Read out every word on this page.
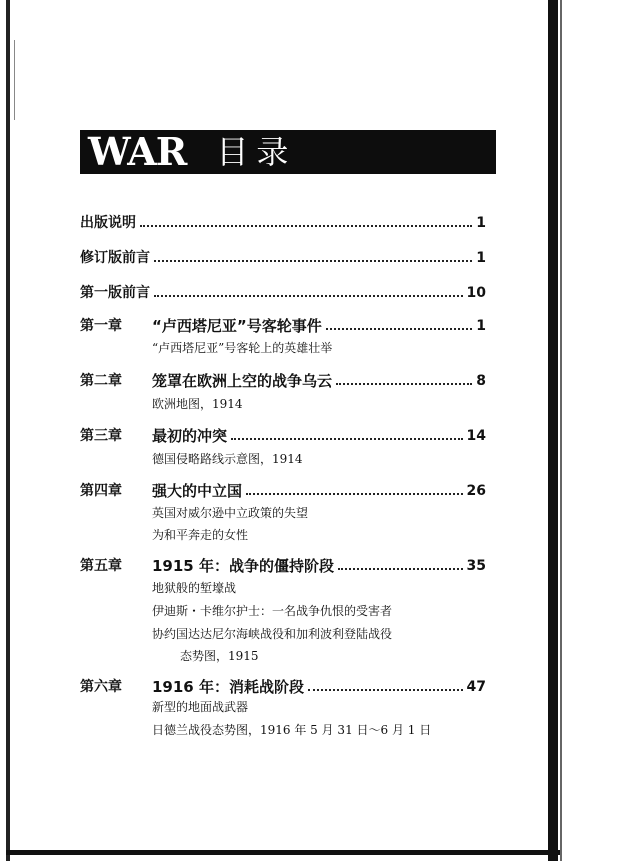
WAR 目录
出版说明	1
修订版前言	1
第一版前言	10
第一章	“卢西塔尼亚”号客轮事件	1
“卢西塔尼亚”号客轮上的英雄壮举
第二章	笼罩在欧洲上空的战争乌云	8
欧洲地图，1914
第三章	最初的冲突	14
德国侵略路线示意图，1914
第四章	强大的中立国	26
英国对威尔逊中立政策的失望
为和平奔走的女性
第五章	1915 年：战争的僵持阶段	35
地狱般的堑壕战
伊迪斯・卡维尔护士：一名战争仇恨的受害者
协约国达达尼尔海峡战役和加利波利登陆战役
态势图，1915
第六章	1916 年：消耗战阶段	47
新型的地面战武器
日德兰战役态势图，1916 年 5 月 31 日～6 月 1 日
